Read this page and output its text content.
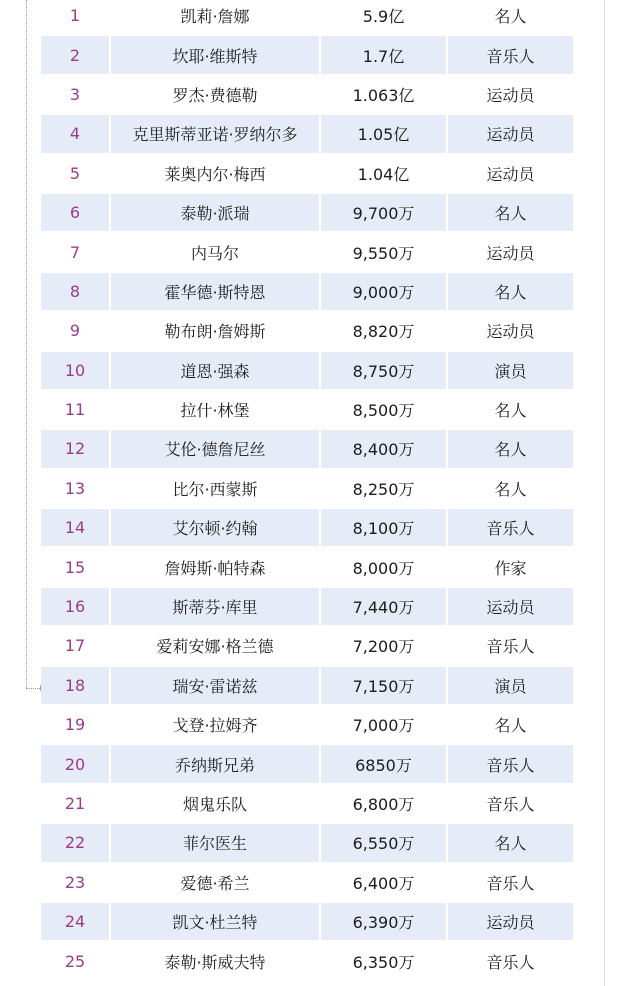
1	凯莉·詹娜	5.9亿	名人
2	坎耶·维斯特	1.7亿	音乐人
3	罗杰·费德勒	1.063亿	运动员
4	克里斯蒂亚诺·罗纳尔多	1.05亿	运动员
5	莱奥内尔·梅西	1.04亿	运动员
6	泰勒·派瑞	9,700万	名人
7	内马尔	9,550万	运动员
8	霍华德·斯特恩	9,000万	名人
9	勒布朗·詹姆斯	8,820万	运动员
10	道恩·强森	8,750万	演员
11	拉什·林堡	8,500万	名人
12	艾伦·德詹尼丝	8,400万	名人
13	比尔·西蒙斯	8,250万	名人
14	艾尔顿·约翰	8,100万	音乐人
15	詹姆斯·帕特森	8,000万	作家
16	斯蒂芬·库里	7,440万	运动员
17	爱莉安娜·格兰德	7,200万	音乐人
18	瑞安·雷诺兹	7,150万	演员
19	戈登·拉姆齐	7,000万	名人
20	乔纳斯兄弟	6850万	音乐人
21	烟鬼乐队	6,800万	音乐人
22	菲尔医生	6,550万	名人
23	爱德·希兰	6,400万	音乐人
24	凯文·杜兰特	6,390万	运动员
25	泰勒·斯威夫特	6,350万	音乐人
